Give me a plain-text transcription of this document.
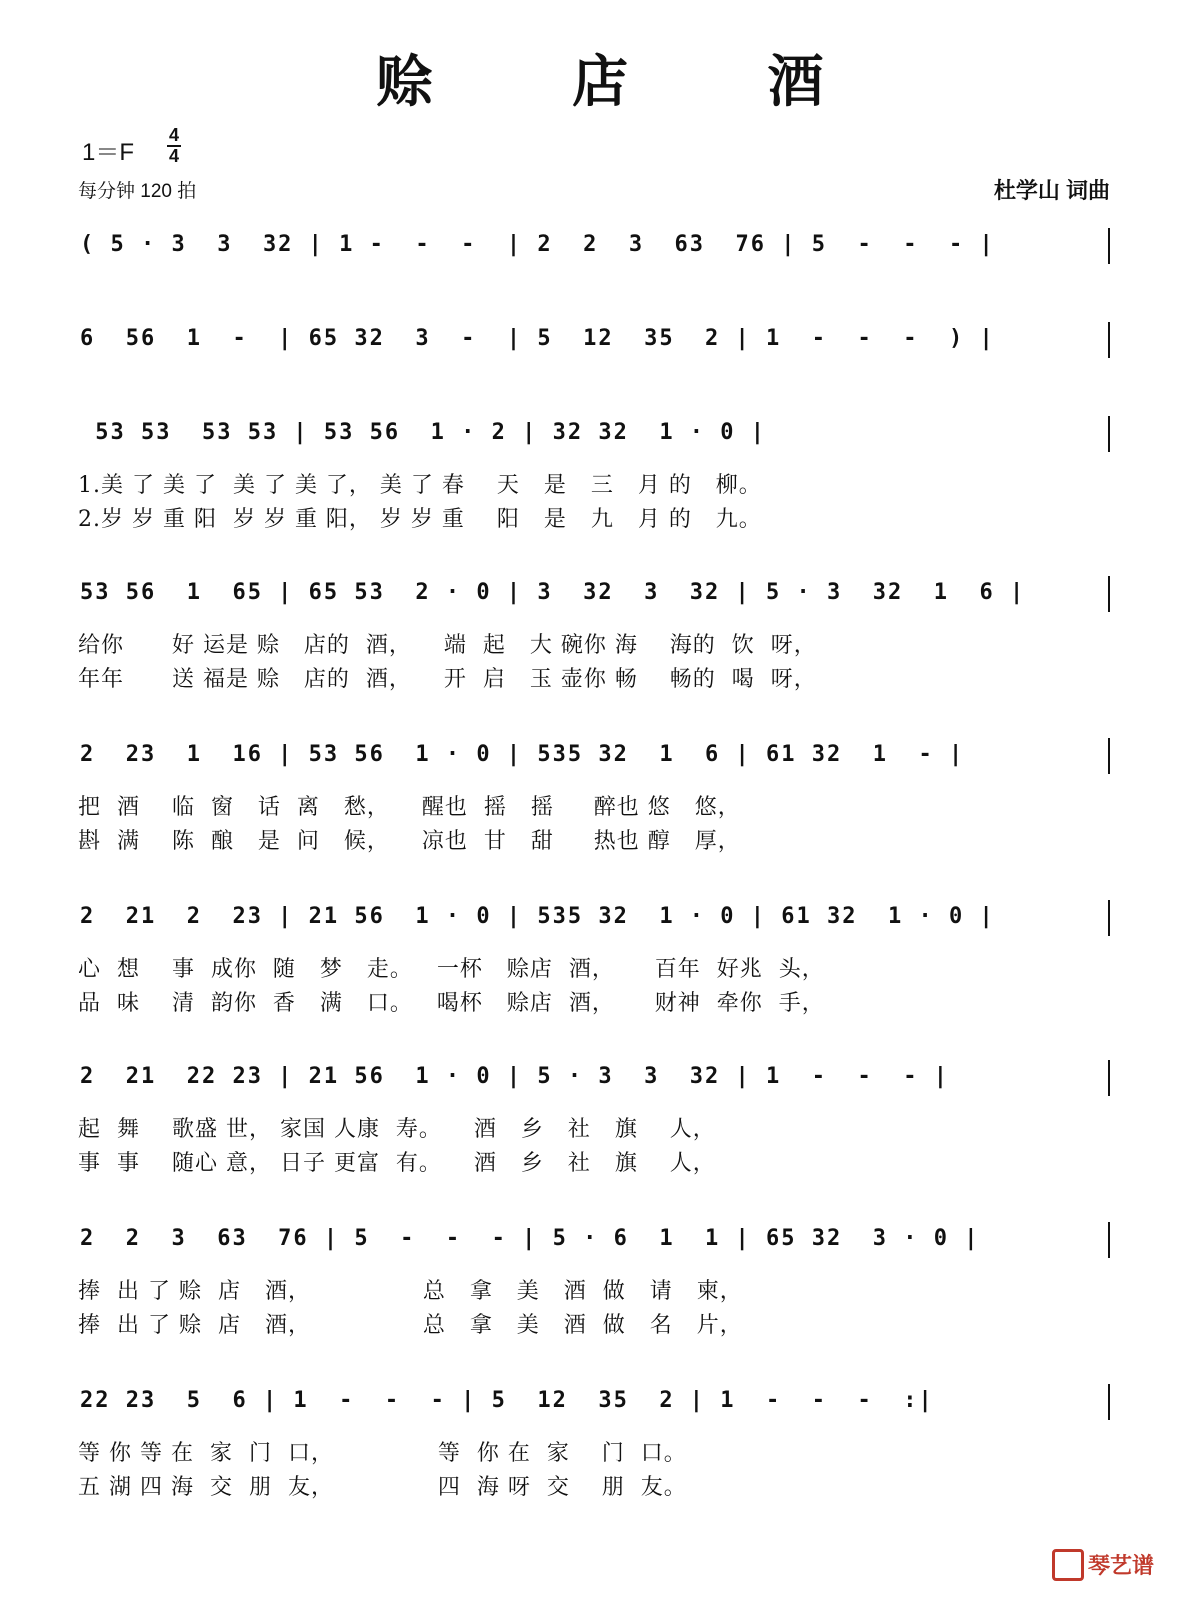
赊 店 酒
1＝F
4
4
每分钟 120 拍	杜学山 词曲
( 5 · 3  3  32 | 1 -  -  -  | 2  2  3  63  76 | 5  -  -  - |
6  56  1  -  | 65 32  3  -  | 5  12  35  2 | 1  -  -  -  ) |
53 53  53 53 | 53 56  1 · 2 | 32 32  1 · 0 |
1.美 了 美 了  美 了 美 了， 美 了 春    天   是   三   月 的   柳。
2.岁 岁 重 阳  岁 岁 重 阳， 岁 岁 重    阳   是   九   月 的   九。
53 56  1  65 | 65 53  2 · 0 | 3  32  3  32 | 5 · 3  32  1  6 |
给你      好 运是 赊   店的  酒，    端  起   大 碗你 海    海的  饮  呀，
年年      送 福是 赊   店的  酒，    开  启   玉 壶你 畅    畅的  喝  呀，
2  23  1  16 | 53 56  1 · 0 | 535 32  1  6 | 61 32  1  - |
把  酒    临  窗   话  离   愁，    醒也  摇   摇     醉也 悠   悠，
斟  满    陈  酿   是  问   候，    凉也  甘   甜     热也 醇   厚，
2  21  2  23 | 21 56  1 · 0 | 535 32  1 · 0 | 61 32  1 · 0 |
心  想    事  成你  随   梦   走。   一杯   赊店  酒，     百年  好兆  头，
品  味    清  韵你  香   满   口。   喝杯   赊店  酒，     财神  牵你  手，
2  21  22 23 | 21 56  1 · 0 | 5 · 3  3  32 | 1  -  -  - |
起  舞    歌盛 世， 家国 人康  寿。    酒   乡   社   旗    人，
事  事    随心 意， 日子 更富  有。    酒   乡   社   旗    人，
2  2  3  63  76 | 5  -  -  - | 5 · 6  1  1 | 65 32  3 · 0 |
捧  出 了 赊  店   酒，              总   拿   美   酒  做   请   柬，
捧  出 了 赊  店   酒，              总   拿   美   酒  做   名   片，
22 23  5  6 | 1  -  -  - | 5  12  35  2 | 1  -  -  -  :|
等 你 等 在  家  门  口，             等  你 在  家    门  口。
五 湖 四 海  交  朋  友，             四  海 呀  交    朋  友。
琴艺谱
